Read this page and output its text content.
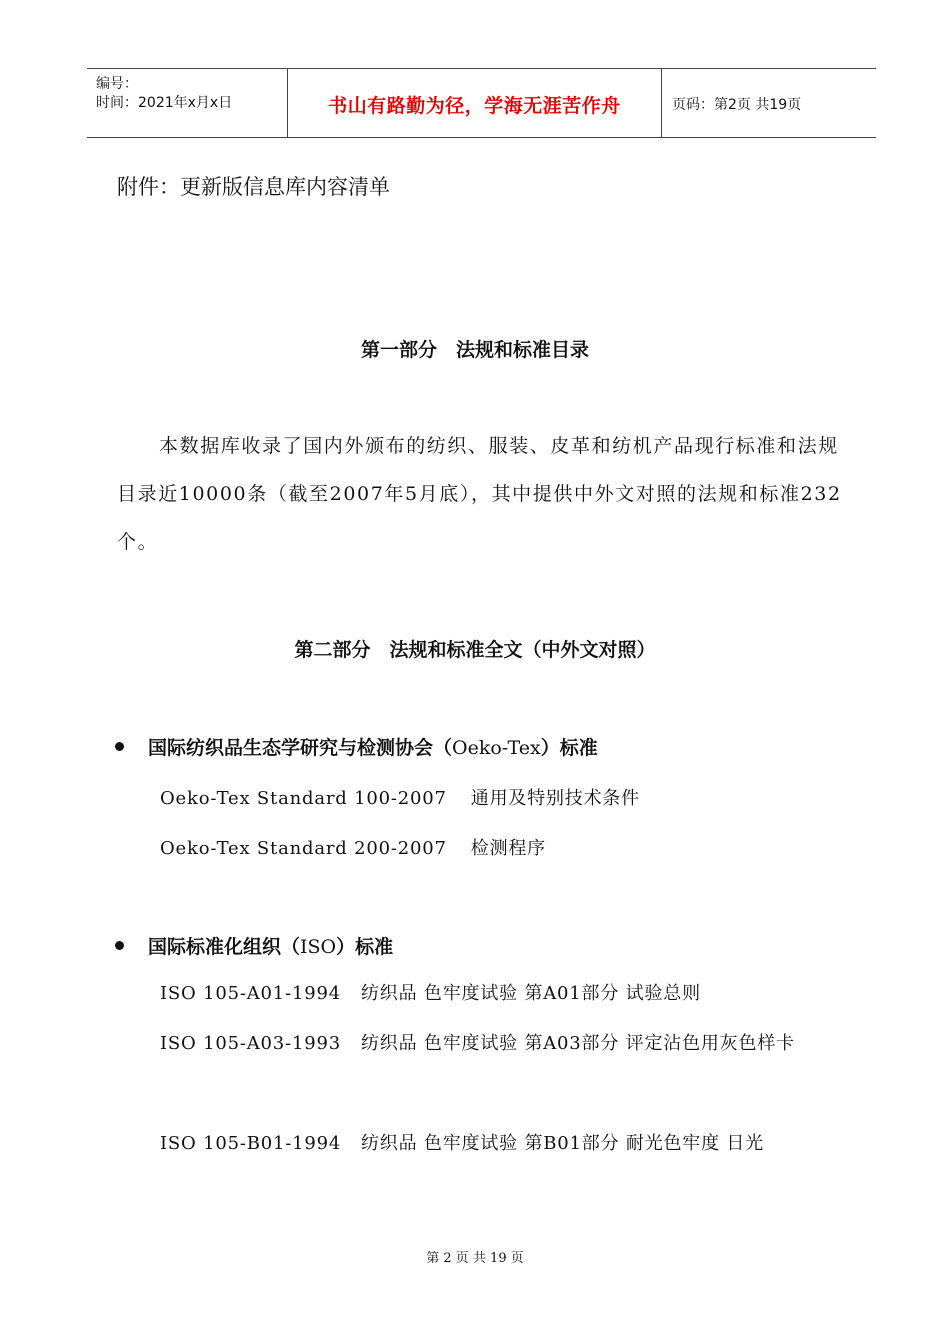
编号：
时间：2021年x月x日	书山有路勤为径，学海无涯苦作舟	页码：第2页 共19页
附件：更新版信息库内容清单
第一部分　法规和标准目录
本数据库收录了国内外颁布的纺织、服装、皮革和纺机产品现行标准和法规目录近10000条（截至2007年5月底），其中提供中外文对照的法规和标准232个。
第二部分　法规和标准全文（中外文对照）
国际纺织品生态学研究与检测协会（Oeko-Tex）标准
Oeko-Tex Standard 100-2007 通用及特别技术条件
Oeko-Tex Standard 200-2007 检测程序
国际标准化组织（ISO）标准
ISO 105-A01-1994 纺织品 色牢度试验 第A01部分 试验总则
ISO 105-A03-1993 纺织品 色牢度试验 第A03部分 评定沾色用灰色样卡
ISO 105-B01-1994 纺织品 色牢度试验 第B01部分 耐光色牢度 日光
第 2 页 共 19 页
